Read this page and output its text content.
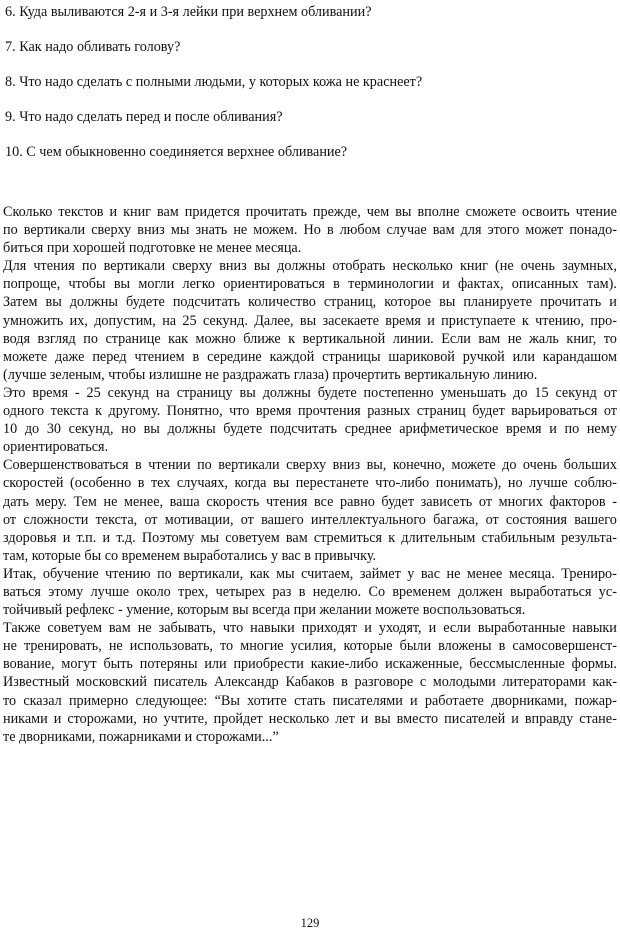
6. Куда выливаются 2-я и 3-я лейки при верхнем обливании?
7. Как надо обливать голову?
8. Что надо сделать с полными людьми, у которых кожа не краснеет?
9. Что надо сделать перед и после обливания?
10. С чем обыкновенно соединяется верхнее обливание?
Сколько текстов и книг вам придется прочитать прежде, чем вы вполне сможете освоить чтение
по вертикали сверху вниз мы знать не можем. Но в любом случае вам для этого может понадо-
биться при хорошей подготовке не менее месяца.
Для чтения по вертикали сверху вниз вы должны отобрать несколько книг (не очень заумных,
попроще, чтобы вы могли легко ориентироваться в терминологии и фактах, описанных там).
Затем вы должны будете подсчитать количество страниц, которое вы планируете прочитать и
умножить их, допустим, на 25 секунд. Далее, вы засекаете время и приступаете к чтению, про-
водя взгляд по странице как можно ближе к вертикальной линии. Если вам не жаль книг, то
можете даже перед чтением в середине каждой страницы шариковой ручкой или карандашом
(лучше зеленым, чтобы излишне не раздражать глаза) прочертить вертикальную линию.
Это время - 25 секунд на страницу вы должны будете постепенно уменьшать до 15 секунд от
одного текста к другому. Понятно, что время прочтения разных страниц будет варьироваться от
10 до 30 секунд, но вы должны будете подсчитать среднее арифметическое время и по нему
ориентироваться.
Совершенствоваться в чтении по вертикали сверху вниз вы, конечно, можете до очень больших
скоростей (особенно в тех случаях, когда вы перестанете что-либо понимать), но лучше соблю-
дать меру. Тем не менее, ваша скорость чтения все равно будет зависеть от многих факторов -
от сложности текста, от мотивации, от вашего интеллектуального багажа, от состояния вашего
здоровья и т.п. и т.д. Поэтому мы советуем вам стремиться к длительным стабильным результа-
там, которые бы со временем выработались у вас в привычку.
Итак, обучение чтению по вертикали, как мы считаем, займет у вас не менее месяца. Трениро-
ваться этому лучше около трех, четырех раз в неделю. Со временем должен выработаться ус-
тойчивый рефлекс - умение, которым вы всегда при желании можете воспользоваться.
Также советуем вам не забывать, что навыки приходят и уходят, и если выработанные навыки
не тренировать, не использовать, то многие усилия, которые были вложены в самосовершенст-
вование, могут быть потеряны или приобрести какие-либо искаженные, бессмысленные формы.
Известный московский писатель Александр Кабаков в разговоре с молодыми литераторами как-
то сказал примерно следующее: “Вы хотите стать писателями и работаете дворниками, пожар-
никами и сторожами, но учтите, пройдет несколько лет и вы вместо писателей и вправду стане-
те дворниками, пожарниками и сторожами...”
129
